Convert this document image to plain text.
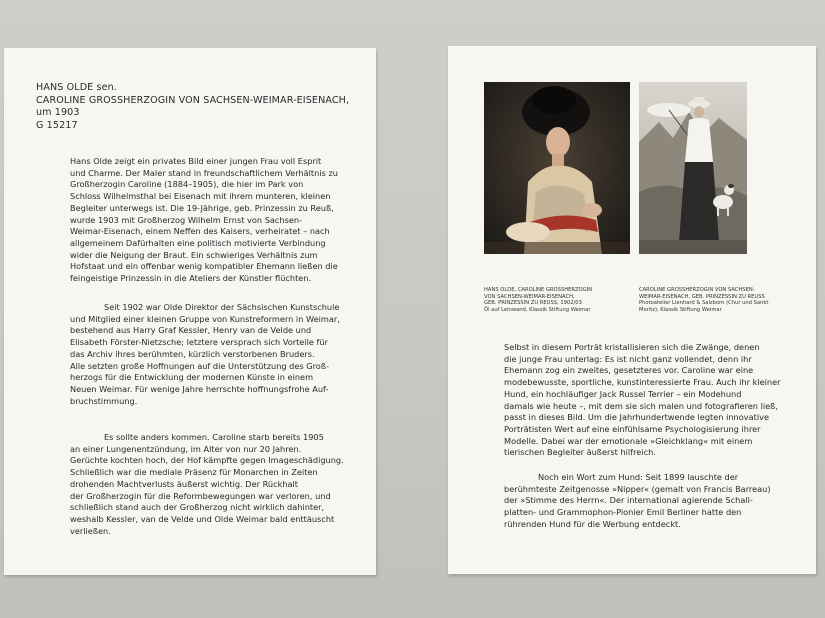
HANS OLDE sen.
CAROLINE GROSSHERZOGIN VON SACHSEN-WEIMAR-EISENACH,
um 1903
G 15217
Hans Olde zeigt ein privates Bild einer jungen Frau voll Esprit
und Charme. Der Maler stand in freundschaftlichem Verhältnis zu
Großherzogin Caroline (1884–1905), die hier im Park von
Schloss Wilhelmsthal bei Eisenach mit ihrem munteren, kleinen
Begleiter unterwegs ist. Die 19-Jährige, geb. Prinzessin zu Reuß,
wurde 1903 mit Großherzog Wilhelm Ernst von Sachsen-
Weimar-Eisenach, einem Neffen des Kaisers, verheiratet – nach
allgemeinem Dafürhalten eine politisch motivierte Verbindung
wider die Neigung der Braut. Ein schwieriges Verhältnis zum
Hofstaat und ein offenbar wenig kompatibler Ehemann ließen die
feingeistige Prinzessin in die Ateliers der Künstler flüchten.
Seit 1902 war Olde Direktor der Sächsischen Kunstschule
und Mitglied einer kleinen Gruppe von Kunstreformern in Weimar,
bestehend aus Harry Graf Kessler, Henry van de Velde und
Elisabeth Förster-Nietzsche; letztere versprach sich Vorteile für
das Archiv ihres berühmten, kürzlich verstorbenen Bruders.
Alle setzten große Hoffnungen auf die Unterstützung des Groß-
herzogs für die Entwicklung der modernen Künste in einem
Neuen Weimar. Für wenige Jahre herrschte hoffnungsfrohe Auf-
bruchstimmung.
Es sollte anders kommen. Caroline starb bereits 1905
an einer Lungenentzündung, im Alter von nur 20 Jahren.
Gerüchte kochten hoch, der Hof kämpfte gegen Imageschädigung.
Schließlich war die mediale Präsenz für Monarchen in Zeiten
drohenden Machtverlusts äußerst wichtig. Der Rückhalt
der Großherzogin für die Reformbewegungen war verloren, und
schließlich stand auch der Großherzog nicht wirklich dahinter,
weshalb Kessler, van de Velde und Olde Weimar bald enttäuscht
verließen.
HANS OLDE, CAROLINE GROSSHERZOGIN
VON SACHSEN-WEIMAR-EISENACH,
GEB. PRINZESSIN ZU REUSS, 1902/03
Öl auf Leinwand, Klassik Stiftung Weimar
CAROLINE GROSSHERZOGIN VON SACHSEN-
WEIMAR-EISENACH, GEB. PRINZESSIN ZU REUSS
Photoatelier Lienhard & Salzborn (Chur und Sankt
Moritz), Klassik Stiftung Weimar
Selbst in diesem Porträt kristallisieren sich die Zwänge, denen
die junge Frau unterlag: Es ist nicht ganz vollendet, denn ihr
Ehemann zog ein zweites, gesetzteres vor. Caroline war eine
modebewusste, sportliche, kunstinteressierte Frau. Auch ihr kleiner
Hund, ein hochläufiger Jack Russel Terrier – ein Modehund
damals wie heute –, mit dem sie sich malen und fotografieren ließ,
passt in dieses Bild. Um die Jahrhundertwende legten innovative
Porträtisten Wert auf eine einfühlsame Psychologisierung ihrer
Modelle. Dabei war der emotionale »Gleichklang« mit einem
tierischen Begleiter äußerst hilfreich.
Noch ein Wort zum Hund: Seit 1899 lauschte der
berühmteste Zeitgenosse »Nipper« (gemalt von Francis Barreau)
der »Stimme des Herrn«. Der international agierende Schall-
platten- und Grammophon-Pionier Emil Berliner hatte den
rührenden Hund für die Werbung entdeckt.
